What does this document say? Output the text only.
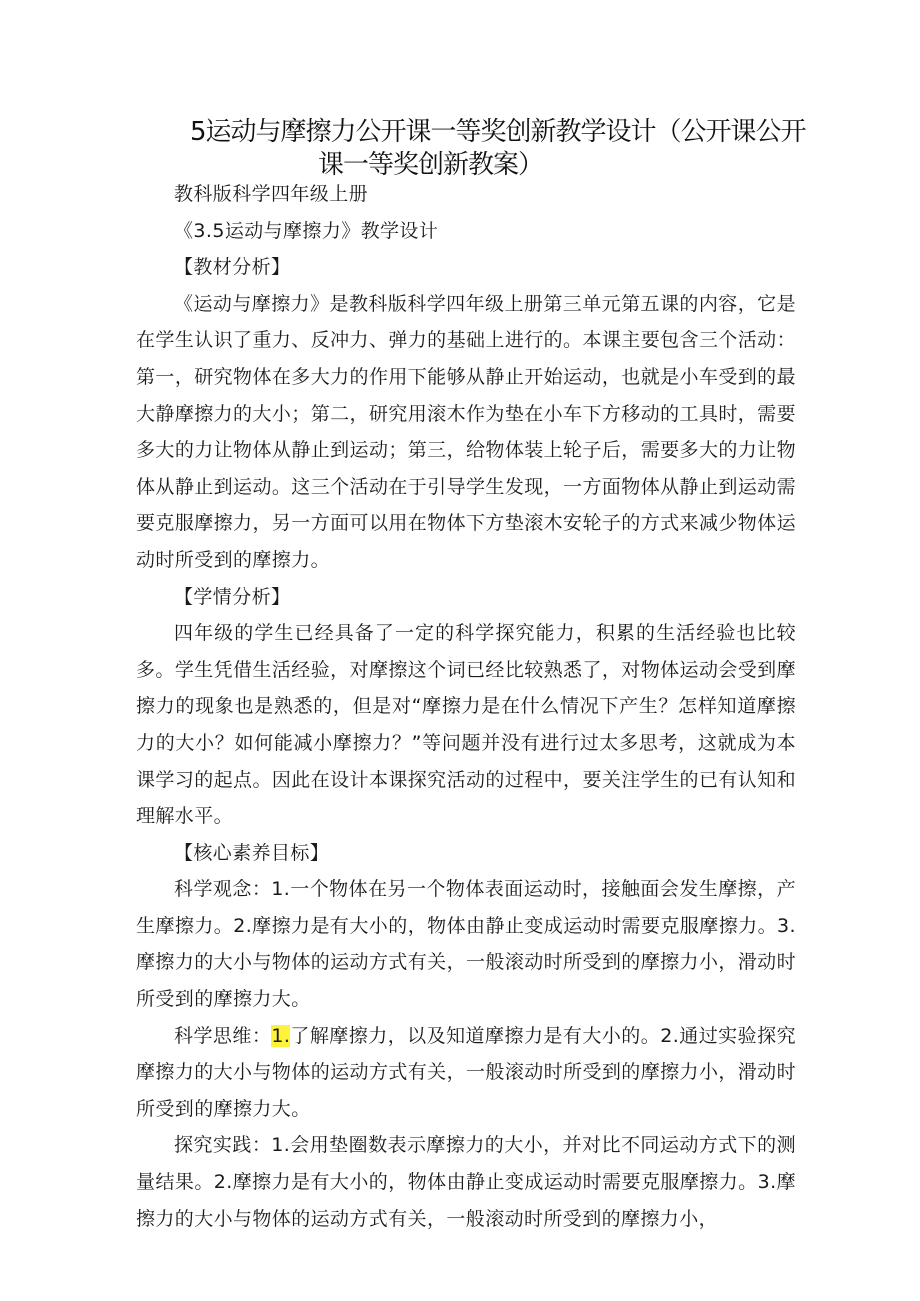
5运动与摩擦力公开课一等奖创新教学设计（公开课公开
课一等奖创新教案）

教科版科学四年级上册

《3.5运动与摩擦力》教学设计

【教材分析】

《运动与摩擦力》是教科版科学四年级上册第三单元第五课的内容，它是在学生认识了重力、反冲力、弹力的基础上进行的。本课主要包含三个活动：第一，研究物体在多大力的作用下能够从静止开始运动，也就是小车受到的最大静摩擦力的大小；第二，研究用滚木作为垫在小车下方移动的工具时，需要多大的力让物体从静止到运动；第三，给物体装上轮子后，需要多大的力让物体从静止到运动。这三个活动在于引导学生发现，一方面物体从静止到运动需要克服摩擦力，另一方面可以用在物体下方垫滚木安轮子的方式来减少物体运动时所受到的摩擦力。

【学情分析】

四年级的学生已经具备了一定的科学探究能力，积累的生活经验也比较多。学生凭借生活经验，对摩擦这个词已经比较熟悉了，对物体运动会受到摩擦力的现象也是熟悉的，但是对“摩擦力是在什么情况下产生？怎样知道摩擦力的大小？如何能减小摩擦力？”等问题并没有进行过太多思考，这就成为本课学习的起点。因此在设计本课探究活动的过程中，要关注学生的已有认知和理解水平。

【核心素养目标】

科学观念：1.一个物体在另一个物体表面运动时，接触面会发生摩擦，产生摩擦力。2.摩擦力是有大小的，物体由静止变成运动时需要克服摩擦力。3.摩擦力的大小与物体的运动方式有关，一般滚动时所受到的摩擦力小，滑动时所受到的摩擦力大。

科学思维：1.了解摩擦力，以及知道摩擦力是有大小的。2.通过实验探究摩擦力的大小与物体的运动方式有关，一般滚动时所受到的摩擦力小，滑动时所受到的摩擦力大。

探究实践：1.会用垫圈数表示摩擦力的大小，并对比不同运动方式下的测量结果。2.摩擦力是有大小的，物体由静止变成运动时需要克服摩擦力。3.摩擦力的大小与物体的运动方式有关，一般滚动时所受到的摩擦力小，
